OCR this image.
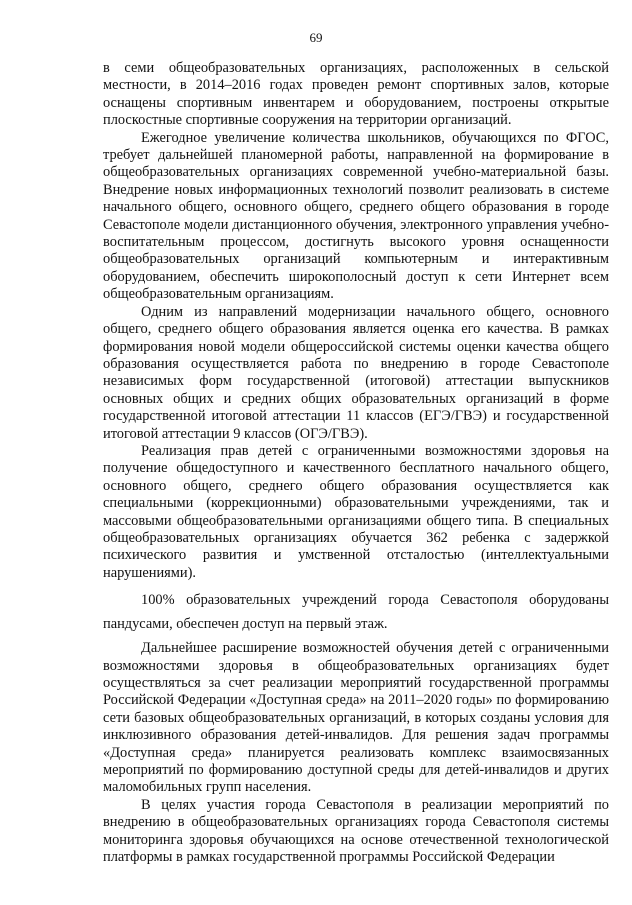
69

в семи общеобразовательных организациях, расположенных в сельской местности, в 2014–2016 годах проведен ремонт спортивных залов, которые оснащены спортивным инвентарем и оборудованием, построены открытые плоскостные спортивные сооружения на территории организаций.

Ежегодное увеличение количества школьников, обучающихся по ФГОС, требует дальнейшей планомерной работы, направленной на формирование в общеобразовательных организациях современной учебно-материальной базы. Внедрение новых информационных технологий позволит реализовать в системе начального общего, основного общего, среднего общего образования в городе Севастополе модели дистанционного обучения, электронного управления учебно-воспитательным процессом, достигнуть высокого уровня оснащенности общеобразовательных организаций компьютерным и интерактивным оборудованием, обеспечить широкополосный доступ к сети Интернет всем общеобразовательным организациям.

Одним из направлений модернизации начального общего, основного общего, среднего общего образования является оценка его качества. В рамках формирования новой модели общероссийской системы оценки качества общего образования осуществляется работа по внедрению в городе Севастополе независимых форм государственной (итоговой) аттестации выпускников основных общих и средних общих образовательных организаций в форме государственной итоговой аттестации 11 классов (ЕГЭ/ГВЭ) и государственной итоговой аттестации 9 классов (ОГЭ/ГВЭ).

Реализация прав детей с ограниченными возможностями здоровья на получение общедоступного и качественного бесплатного начального общего, основного общего, среднего общего образования осуществляется как специальными (коррекционными) образовательными учреждениями, так и массовыми общеобразовательными организациями общего типа. В специальных общеобразовательных организациях обучается 362 ребенка с задержкой психического развития и умственной отсталостью (интеллектуальными нарушениями).

100% образовательных учреждений города Севастополя оборудованы пандусами, обеспечен доступ на первый этаж.

Дальнейшее расширение возможностей обучения детей с ограниченными возможностями здоровья в общеобразовательных организациях будет осуществляться за счет реализации мероприятий государственной программы Российской Федерации «Доступная среда» на 2011–2020 годы» по формированию сети базовых общеобразовательных организаций, в которых созданы условия для инклюзивного образования детей-инвалидов. Для решения задач программы «Доступная среда» планируется реализовать комплекс взаимосвязанных мероприятий по формированию доступной среды для детей-инвалидов и других маломобильных групп населения.

В целях участия города Севастополя в реализации мероприятий по внедрению в общеобразовательных организациях города Севастополя системы мониторинга здоровья обучающихся на основе отечественной технологической платформы в рамках государственной программы Российской Федерации
